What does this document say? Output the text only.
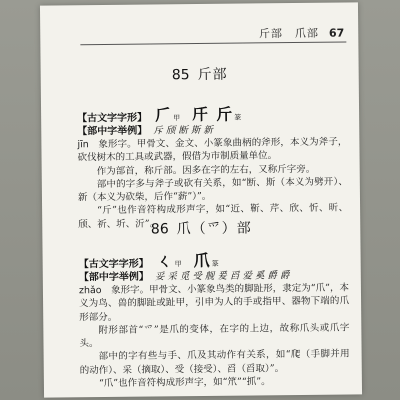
斤部　爪部 67
85 斤部
【古文字字形】 𠂆 甲 𣂑 斤 篆
【部中字举例】 斥 颀 断 斯 新

jīn　 象形字。甲骨文、金文、小篆象曲柄的斧形，本义为斧子，砍伐树木的工具或武器，假借为市制质量单位。

作为部首，称斤部。因多在字的左右，又称斤字旁。

部中的字多与斧子或砍有关系，如“断、斯（本义为劈开）、新（本义为砍柴，后作“薪”）”。

“斤”也作音符构成形声字，如“近、靳、芹、欣、忻、昕、颀、祈、圻、沂”。

86 爪（爫）部
【古文字字形】 ㄑ 甲 爪 篆
【部中字举例】 妥 采 觅 受 舰 爰 舀 爱 奚 爵 爵

zhǎo　 象形字。甲骨文、小篆象鸟类的脚趾形，隶定为“爪”，本义为鸟、兽的脚趾或趾甲，引申为人的手或指甲、器物下端的爪形部分。

附形部首“爫”是爪的变体，在字的上边，故称爪头或爪字头。

部中的字有些与手、爪及其动作有关系，如“爬（手脚并用的动作）、采（摘取）、受（接受）、舀（舀取）”。

“爪”也作音符构成形声字，如“笊”“抓”。
